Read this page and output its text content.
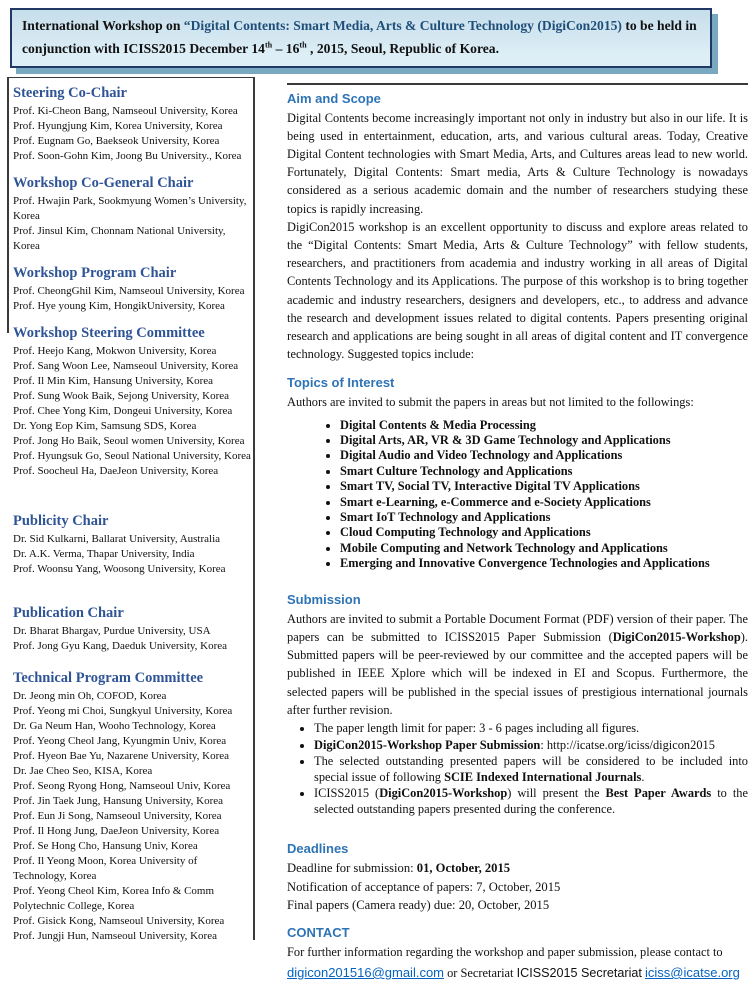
International Workshop on “Digital Contents: Smart Media, Arts & Culture Technology (DigiCon2015) to be held in conjunction with ICISS2015 December 14th – 16th , 2015, Seoul, Republic of Korea.

Steering Co-Chair
Prof. Ki-Cheon Bang, Namseoul University, Korea
Prof. Hyungjung Kim, Korea University, Korea
Prof. Eugnam Go, Baekseok University, Korea
Prof. Soon-Gohn Kim, Joong Bu University., Korea
Workshop Co-General Chair
Prof. Hwajin Park, Sookmyung Women’s University, Korea
Prof. Jinsul Kim, Chonnam National University, Korea
Workshop Program Chair
Prof. CheongGhil Kim, Namseoul University, Korea
Prof. Hye young Kim, HongikUniversity, Korea
Workshop Steering Committee
Prof. Heejo Kang, Mokwon University, Korea
Prof. Sang Woon Lee, Namseoul University, Korea
Prof. Il Min Kim, Hansung University, Korea
Prof. Sung Wook Baik, Sejong University, Korea
Prof. Chee Yong Kim, Dongeui University, Korea
Dr. Yong Eop Kim, Samsung SDS, Korea
Prof. Jong Ho Baik, Seoul women University, Korea
Prof. Hyungsuk Go, Seoul National University, Korea
Prof. Soocheul Ha, DaeJeon University, Korea
Publicity Chair
Dr. Sid Kulkarni, Ballarat University, Australia
Dr. A.K. Verma, Thapar University, India
Prof. Woonsu Yang, Woosong University, Korea
Publication Chair
Dr. Bharat Bhargav, Purdue University, USA
Prof. Jong Gyu Kang, Daeduk University, Korea
Technical Program Committee
Dr. Jeong min Oh, COFOD, Korea
Prof. Yeong mi Choi, Sungkyul University, Korea
Dr. Ga Neum Han, Wooho Technology, Korea
Prof. Yeong Cheol Jang, Kyungmin Univ, Korea
Prof. Hyeon Bae Yu, Nazarene University, Korea
Dr. Jae Cheo Seo, KISA, Korea
Prof. Seong Ryong Hong, Namseoul Univ, Korea
Prof. Jin Taek Jung, Hansung University, Korea
Prof. Eun Ji Song, Namseoul University, Korea
Prof. Il Hong Jung, DaeJeon University, Korea
Prof. Se Hong Cho, Hansung Univ, Korea
Prof. Il Yeong Moon, Korea University of Technology, Korea
Prof. Yeong Cheol Kim, Korea Info & Comm Polytechnic College, Korea
Prof. Gisick Kong, Namseoul University, Korea
Prof. Jungji Hun, Namseoul University, Korea
Aim and Scope

Digital Contents become increasingly important not only in industry but also in our life. It is being used in entertainment, education, arts, and various cultural areas. Today, Creative Digital Content technologies with Smart Media, Arts, and Cultures areas lead to new world. Fortunately, Digital Contents: Smart media, Arts & Culture Technology is nowadays considered as a serious academic domain and the number of researchers studying these topics is rapidly increasing.

DigiCon2015 workshop is an excellent opportunity to discuss and explore areas related to the “Digital Contents: Smart Media, Arts & Culture Technology” with fellow students, researchers, and practitioners from academia and industry working in all areas of Digital Contents Technology and its Applications. The purpose of this workshop is to bring together academic and industry researchers, designers and developers, etc., to address and advance the research and development issues related to digital contents. Papers presenting original research and applications are being sought in all areas of digital content and IT convergence technology. Suggested topics include:

Topics of Interest

Authors are invited to submit the papers in areas but not limited to the followings:

• Digital Contents & Media Processing
• Digital Arts, AR, VR & 3D Game Technology and Applications
• Digital Audio and Video Technology and Applications
• Smart Culture Technology and Applications
• Smart TV, Social TV, Interactive Digital TV Applications
• Smart e-Learning, e-Commerce and e-Society Applications
• Smart IoT Technology and Applications
• Cloud Computing Technology and Applications
• Mobile Computing and Network Technology and Applications
• Emerging and Innovative Convergence Technologies and Applications
Submission

Authors are invited to submit a Portable Document Format (PDF) version of their paper. The papers can be submitted to ICISS2015 Paper Submission (DigiCon2015-Workshop). Submitted papers will be peer-reviewed by our committee and the accepted papers will be published in IEEE Xplore which will be indexed in EI and Scopus. Furthermore, the selected papers will be published in the special issues of prestigious international journals after further revision.

• The paper length limit for paper: 3 - 6 pages including all figures.
• DigiCon2015-Workshop Paper Submission: http://icatse.org/iciss/digicon2015
• The selected outstanding presented papers will be considered to be included into special issue of following SCIE Indexed International Journals.
• ICISS2015 (DigiCon2015-Workshop) will present the Best Paper Awards to the selected outstanding papers presented during the conference.
Deadlines

Deadline for submission: 01, October, 2015

Notification of acceptance of papers: 7, October, 2015

Final papers (Camera ready) due: 20, October, 2015

CONTACT

For further information regarding the workshop and paper submission, please contact to

digicon201516@gmail.com or Secretariat ICISS2015 Secretariat iciss@icatse.org
